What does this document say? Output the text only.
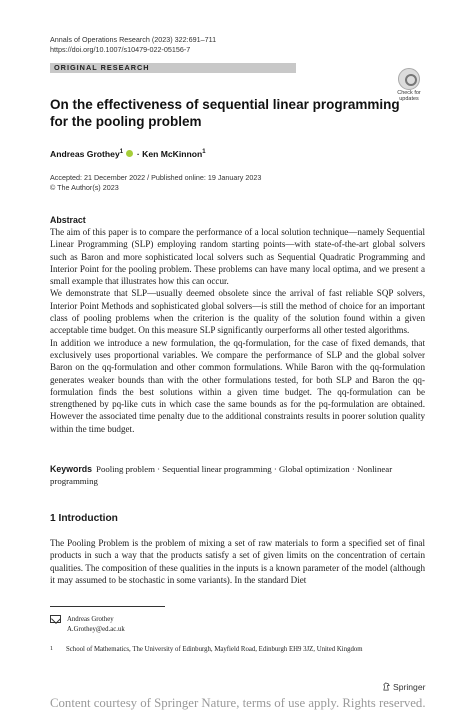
Annals of Operations Research (2023) 322:691–711
https://doi.org/10.1007/s10479-022-05156-7
ORIGINAL RESEARCH
Check for
updates
On the effectiveness of sequential linear programming for the pooling problem
Andreas Grothey$^1$  · Ken McKinnon$^1$
Accepted: 21 December 2022 / Published online: 19 January 2023
© The Author(s) 2023
Abstract

The aim of this paper is to compare the performance of a local solution technique—namely Sequential Linear Programming (SLP) employing random starting points—with state-of-the-art global solvers such as Baron and more sophisticated local solvers such as Sequential Quadratic Programming and Interior Point for the pooling problem. These problems can have many local optima, and we present a small example that illustrates how this can occur.

We demonstrate that SLP—usually deemed obsolete since the arrival of fast reliable SQP solvers, Interior Point Methods and sophisticated global solvers—is still the method of choice for an important class of pooling problems when the criterion is the quality of the solution found within a given acceptable time budget. On this measure SLP significantly ourperforms all other tested algorithms.

In addition we introduce a new formulation, the qq-formulation, for the case of fixed demands, that exclusively uses proportional variables. We compare the performance of SLP and the global solver Baron on the qq-formulation and other common formulations. While Baron with the qq-formulation generates weaker bounds than with the other formulations tested, for both SLP and Baron the qq-formulation finds the best solutions within a given time budget. The qq-formulation can be strengthened by pq-like cuts in which case the same bounds as for the pq-formulation are obtained. However the associated time penalty due to the additional constraints results in poorer solution quality within the time budget.

Keywords Pooling problem · Sequential linear programming · Global optimization · Nonlinear programming
1 Introduction
The Pooling Problem is the problem of mixing a set of raw materials to form a specified set of final products in such a way that the products satisfy a set of given limits on the concentration of certain qualities. The composition of these qualities in the inputs is a known parameter of the model (although it may assumed to be stochastic in some variants). In the standard Diet
Andreas Grothey
A.Grothey@ed.ac.uk
1 School of Mathematics, The University of Edinburgh, Mayfield Road, Edinburgh EH9 3JZ, United Kingdom
Springer
Content courtesy of Springer Nature, terms of use apply. Rights reserved.
